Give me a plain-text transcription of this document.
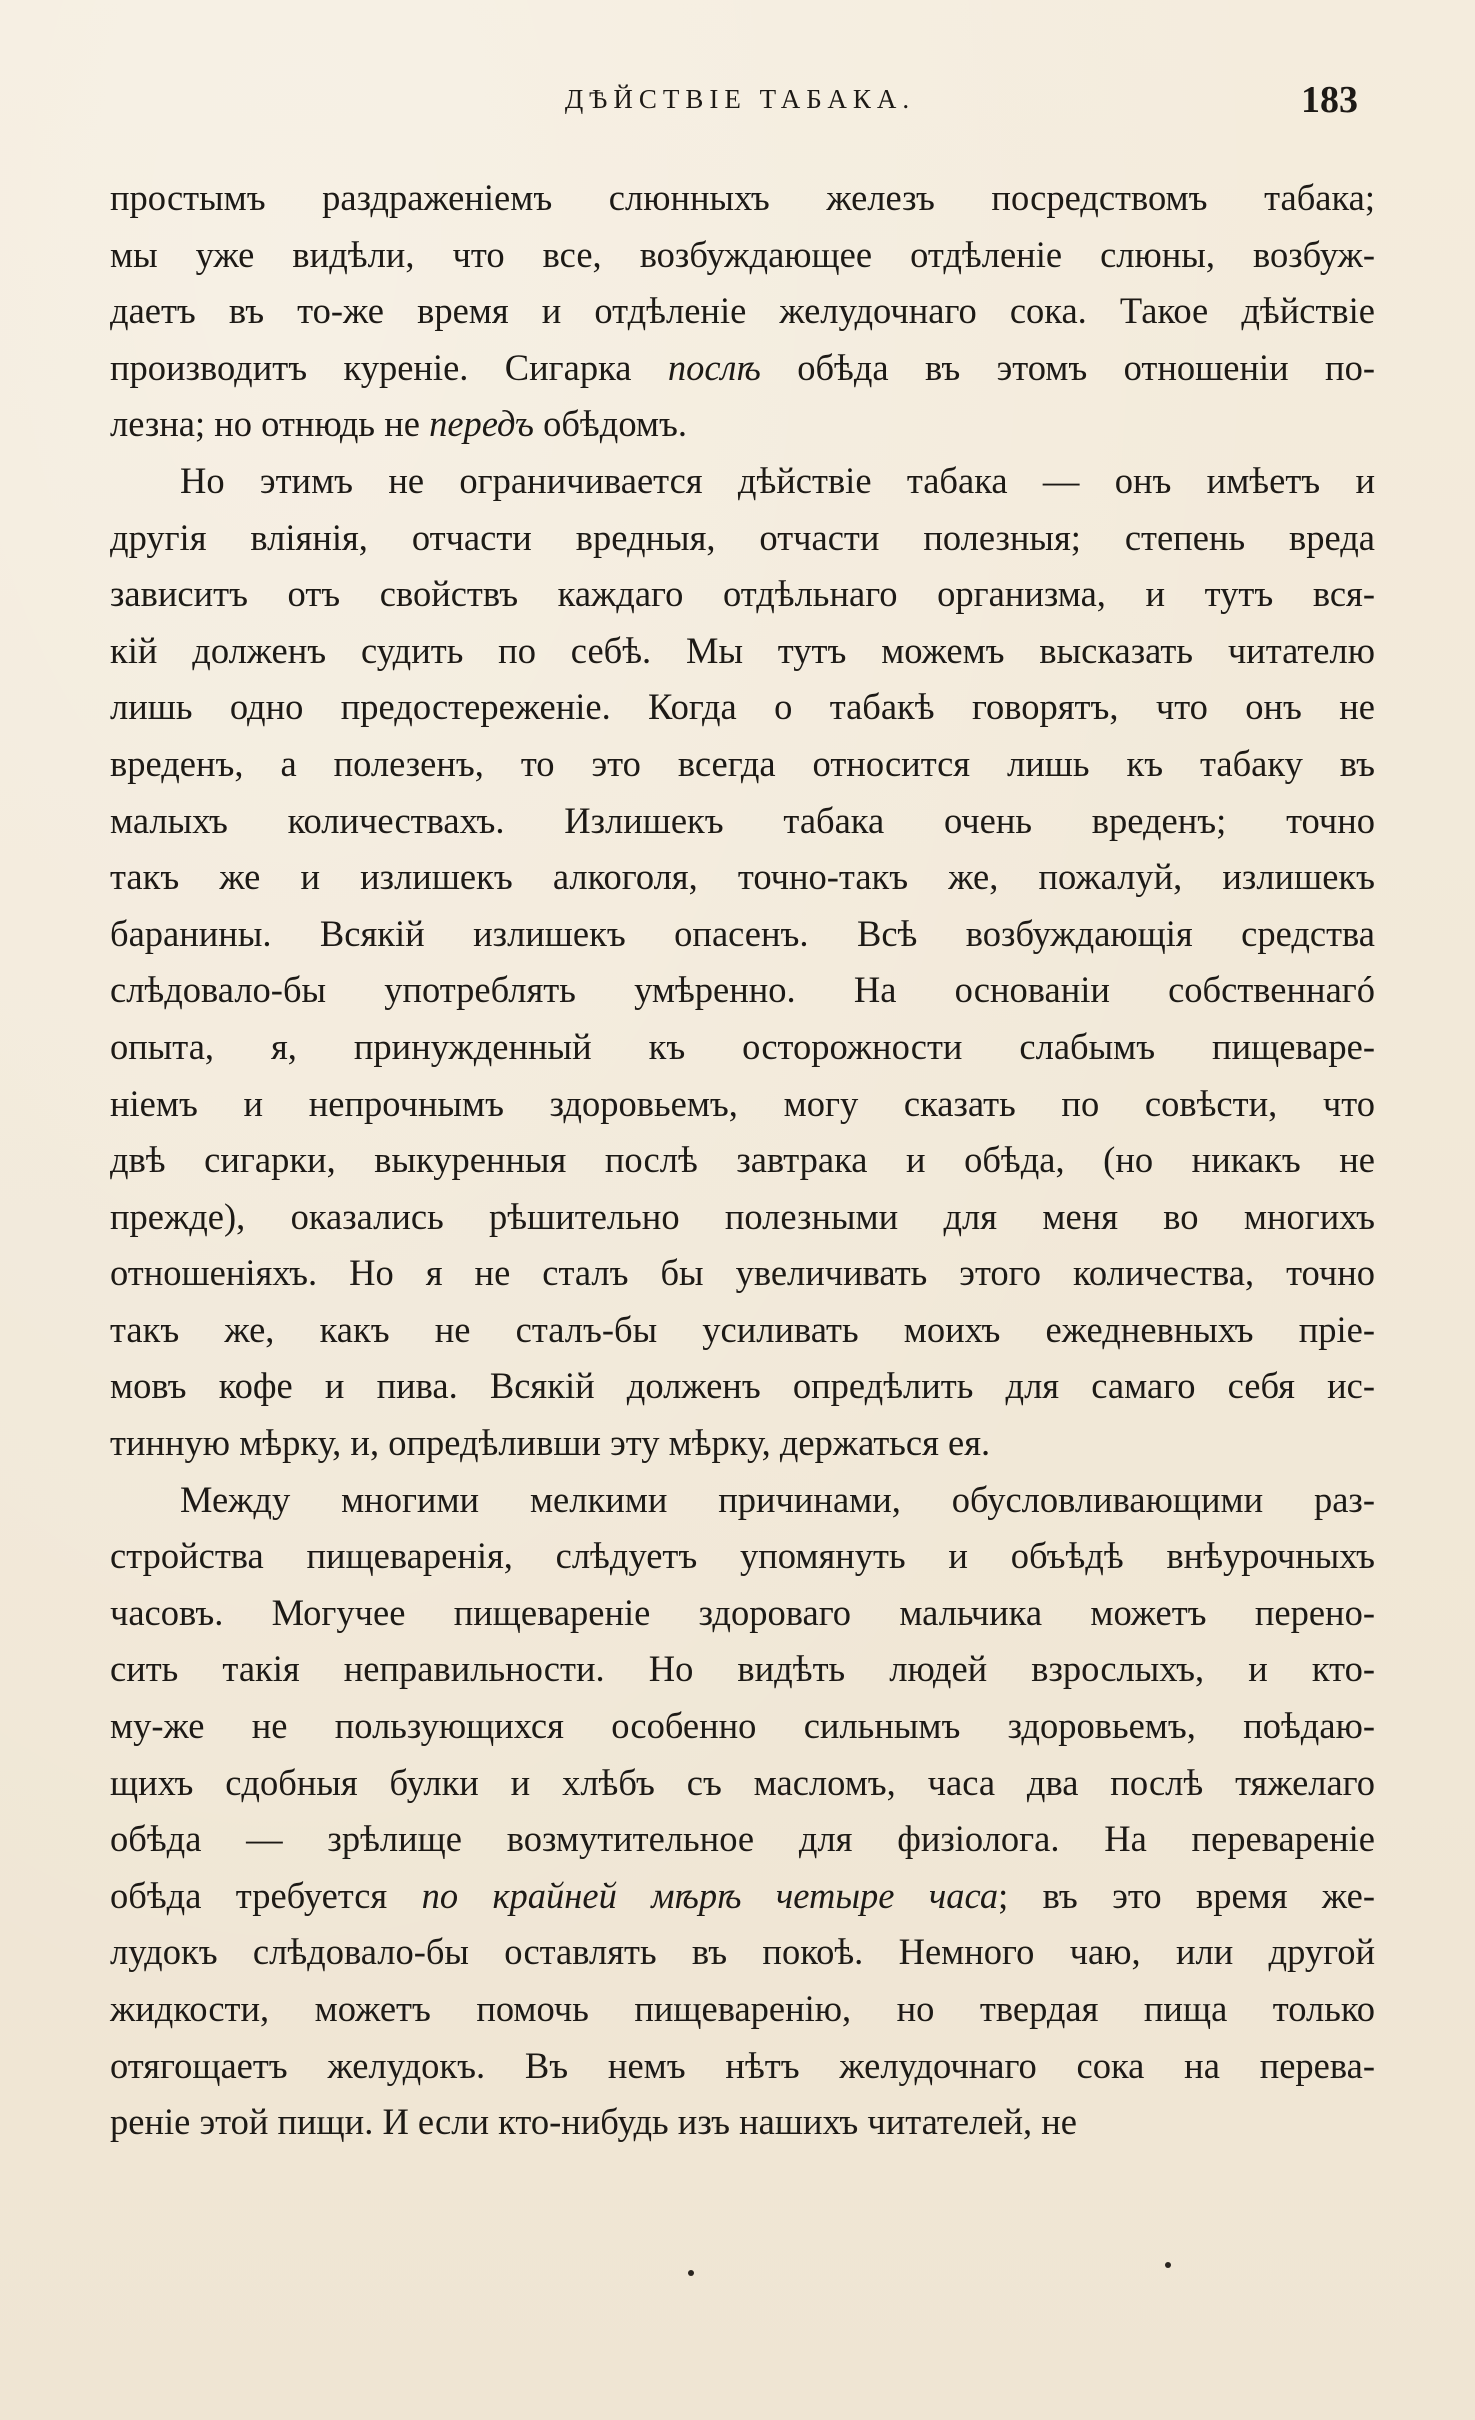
ДѢЙСТВІЕ ТАБАКА.	183
простымъ раздраженіемъ слюнныхъ железъ посредствомъ табака;
мы уже видѣли, что все, возбуждающее отдѣленіе слюны, возбуж-
даетъ въ то-же время и отдѣленіе желудочнаго сока. Такое дѣйствіе
производитъ куреніе. Сигарка послѣ обѣда въ этомъ отношеніи по-
лезна; но отнюдь не передъ обѣдомъ.
Но этимъ не ограничивается дѣйствіе табака — онъ имѣетъ и
другія вліянія, отчасти вредныя, отчасти полезныя; степень вреда
зависитъ отъ свойствъ каждаго отдѣльнаго организма, и тутъ вся-
кій долженъ судить по себѣ. Мы тутъ можемъ высказать читателю
лишь одно предостереженіе. Когда о табакѣ говорятъ, что онъ не
вреденъ, а полезенъ, то это всегда относится лишь къ табаку въ
малыхъ количествахъ. Излишекъ табака очень вреденъ; точно
такъ же и излишекъ алкоголя, точно-такъ же, пожалуй, излишекъ
баранины. Всякій излишекъ опасенъ. Всѣ возбуждающія средства
слѣдовало-бы употреблять умѣренно. На основаніи собственнагó
опыта, я, принужденный къ осторожности слабымъ пищеваре-
ніемъ и непрочнымъ здоровьемъ, могу сказать по совѣсти, что
двѣ сигарки, выкуренныя послѣ завтрака и обѣда, (но никакъ не
прежде), оказались рѣшительно полезными для меня во многихъ
отношеніяхъ. Но я не сталъ бы увеличивать этого количества, точно
такъ же, какъ не сталъ-бы усиливать моихъ ежедневныхъ пріе-
мовъ кофе и пива. Всякій долженъ опредѣлить для самаго себя ис-
тинную мѣрку, и, опредѣливши эту мѣрку, держаться ея.
Между многими мелкими причинами, обусловливающими раз-
стройства пищеваренія, слѣдуетъ упомянуть и объѣдѣ внѣурочныхъ
часовъ. Могучее пищевареніе здороваго мальчика можетъ перено-
сить такія неправильности. Но видѣть людей взрослыхъ, и кто-
му-же не пользующихся особенно сильнымъ здоровьемъ, поѣдаю-
щихъ сдобныя булки и хлѣбъ съ масломъ, часа два послѣ тяжелаго
обѣда — зрѣлище возмутительное для физіолога. На перевареніе
обѣда требуется по крайней мѣрѣ четыре часа; въ это время же-
лудокъ слѣдовало-бы оставлять въ покоѣ. Немного чаю, или другой
жидкости, можетъ помочь пищеваренію, но твердая пища только
отягощаетъ желудокъ. Въ немъ нѣтъ желудочнаго сока на перева-
реніе этой пищи. И если кто-нибудь изъ нашихъ читателей, не
